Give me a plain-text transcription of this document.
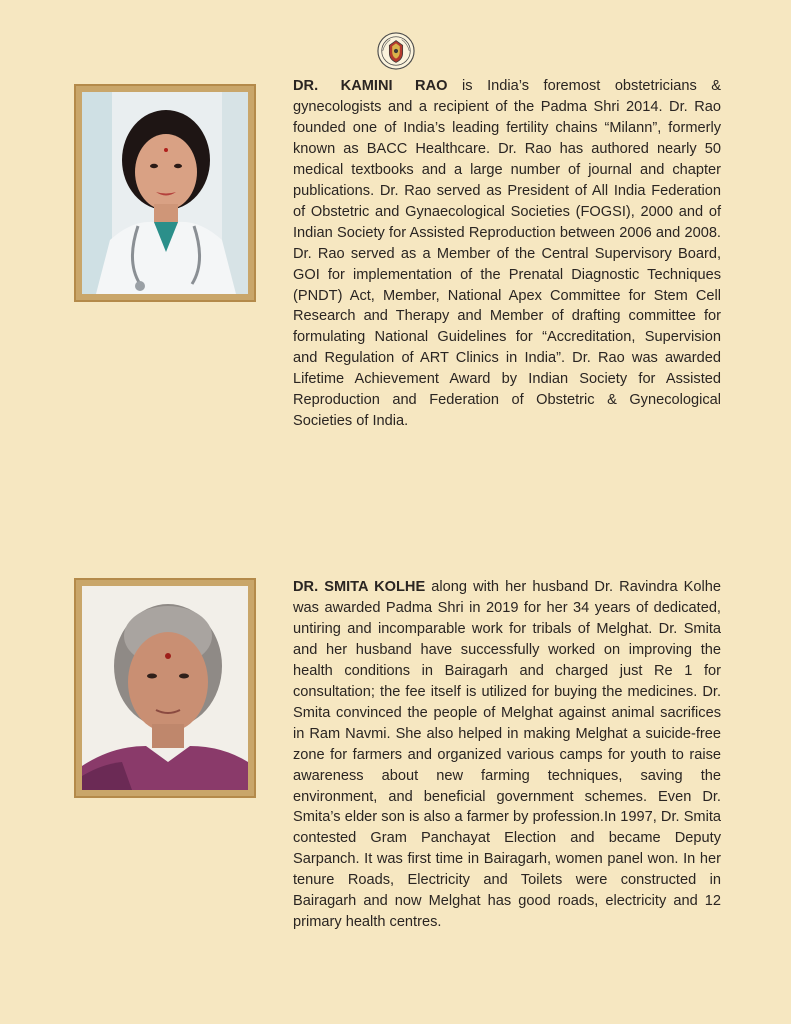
DR. KAMINI RAO is India’s foremost obstetricians & gynecologists and a recipient of the Padma Shri 2014. Dr. Rao founded one of India’s leading fertility chains “Milann”, formerly known as BACC Healthcare. Dr. Rao has authored nearly 50 medical textbooks and a large number of journal and chapter publications. Dr. Rao served as President of All India Federation of Obstetric and Gynaecological Societies (FOGSI), 2000 and of Indian Society for Assisted Reproduction between 2006 and 2008. Dr. Rao served as a Member of the Central Supervisory Board, GOI for implementation of the Prenatal Diagnostic Techniques (PNDT) Act, Member, National Apex Committee for Stem Cell Research and Therapy and Member of drafting committee for formulating National Guidelines for “Accreditation, Supervision and Regulation of ART Clinics in India”. Dr. Rao was awarded Lifetime Achievement Award by Indian Society for Assisted Reproduction and Federation of Obstetric & Gynecological Societies of India.

DR. SMITA KOLHE along with her husband Dr. Ravindra Kolhe was awarded Padma Shri in 2019 for her 34 years of dedicated, untiring and incomparable work for tribals of Melghat. Dr. Smita and her husband have successfully worked on improving the health conditions in Bairagarh and charged just Re 1 for consultation; the fee itself is utilized for buying the medicines. Dr. Smita convinced the people of Melghat against animal sacrifices in Ram Navmi. She also helped in making Melghat a suicide-free zone for farmers and organized various camps for youth to raise awareness about new farming techniques, saving the environment, and beneficial government schemes. Even Dr. Smita’s elder son is also a farmer by profession.In 1997, Dr. Smita contested Gram Panchayat Election and became Deputy Sarpanch. It was first time in Bairagarh, women panel won. In her tenure Roads, Electricity and Toilets were constructed in Bairagarh and now Melghat has good roads, electricity and 12 primary health centres.
